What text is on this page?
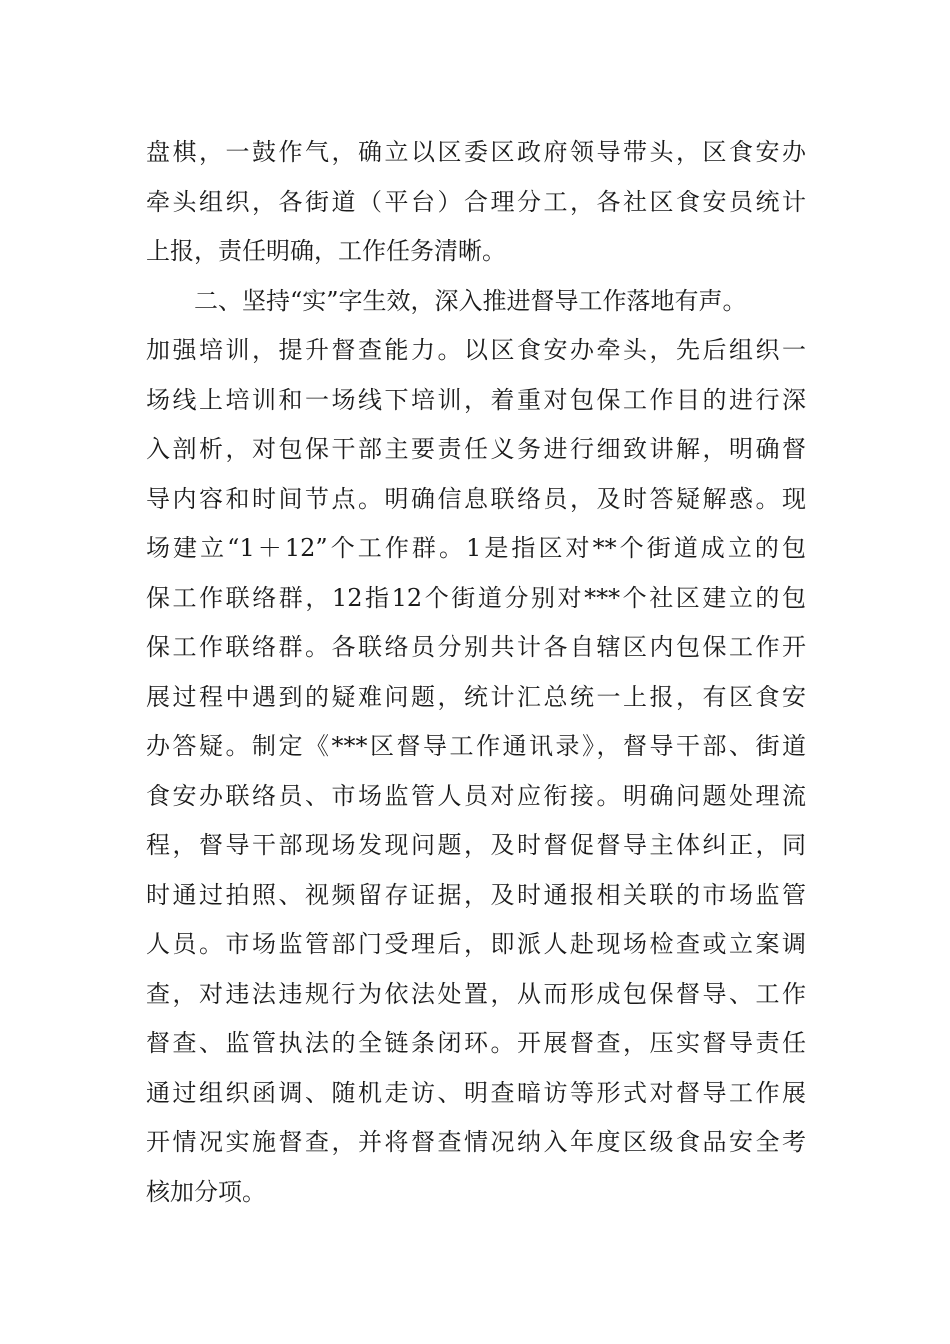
盘棋，一鼓作气，确立以区委区政府领导带头，区食安办
牵头组织，各街道（平台）合理分工，各社区食安员统计
上报，责任明确，工作任务清晰。
二、坚持“实”字生效，深入推进督导工作落地有声。
加强培训，提升督查能力。以区食安办牵头，先后组织一
场线上培训和一场线下培训，着重对包保工作目的进行深
入剖析，对包保干部主要责任义务进行细致讲解，明确督
导内容和时间节点。明确信息联络员，及时答疑解惑。现
场建立“1＋12”个工作群。1是指区对**个街道成立的包
保工作联络群，12指12个街道分别对***个社区建立的包
保工作联络群。各联络员分别共计各自辖区内包保工作开
展过程中遇到的疑难问题，统计汇总统一上报，有区食安
办答疑。制定《***区督导工作通讯录》，督导干部、街道
食安办联络员、市场监管人员对应衔接。明确问题处理流
程，督导干部现场发现问题，及时督促督导主体纠正，同
时通过拍照、视频留存证据，及时通报相关联的市场监管
人员。市场监管部门受理后，即派人赴现场检查或立案调
查，对违法违规行为依法处置，从而形成包保督导、工作
督查、监管执法的全链条闭环。开展督查，压实督导责任
通过组织函调、随机走访、明查暗访等形式对督导工作展
开情况实施督查，并将督查情况纳入年度区级食品安全考
核加分项。
